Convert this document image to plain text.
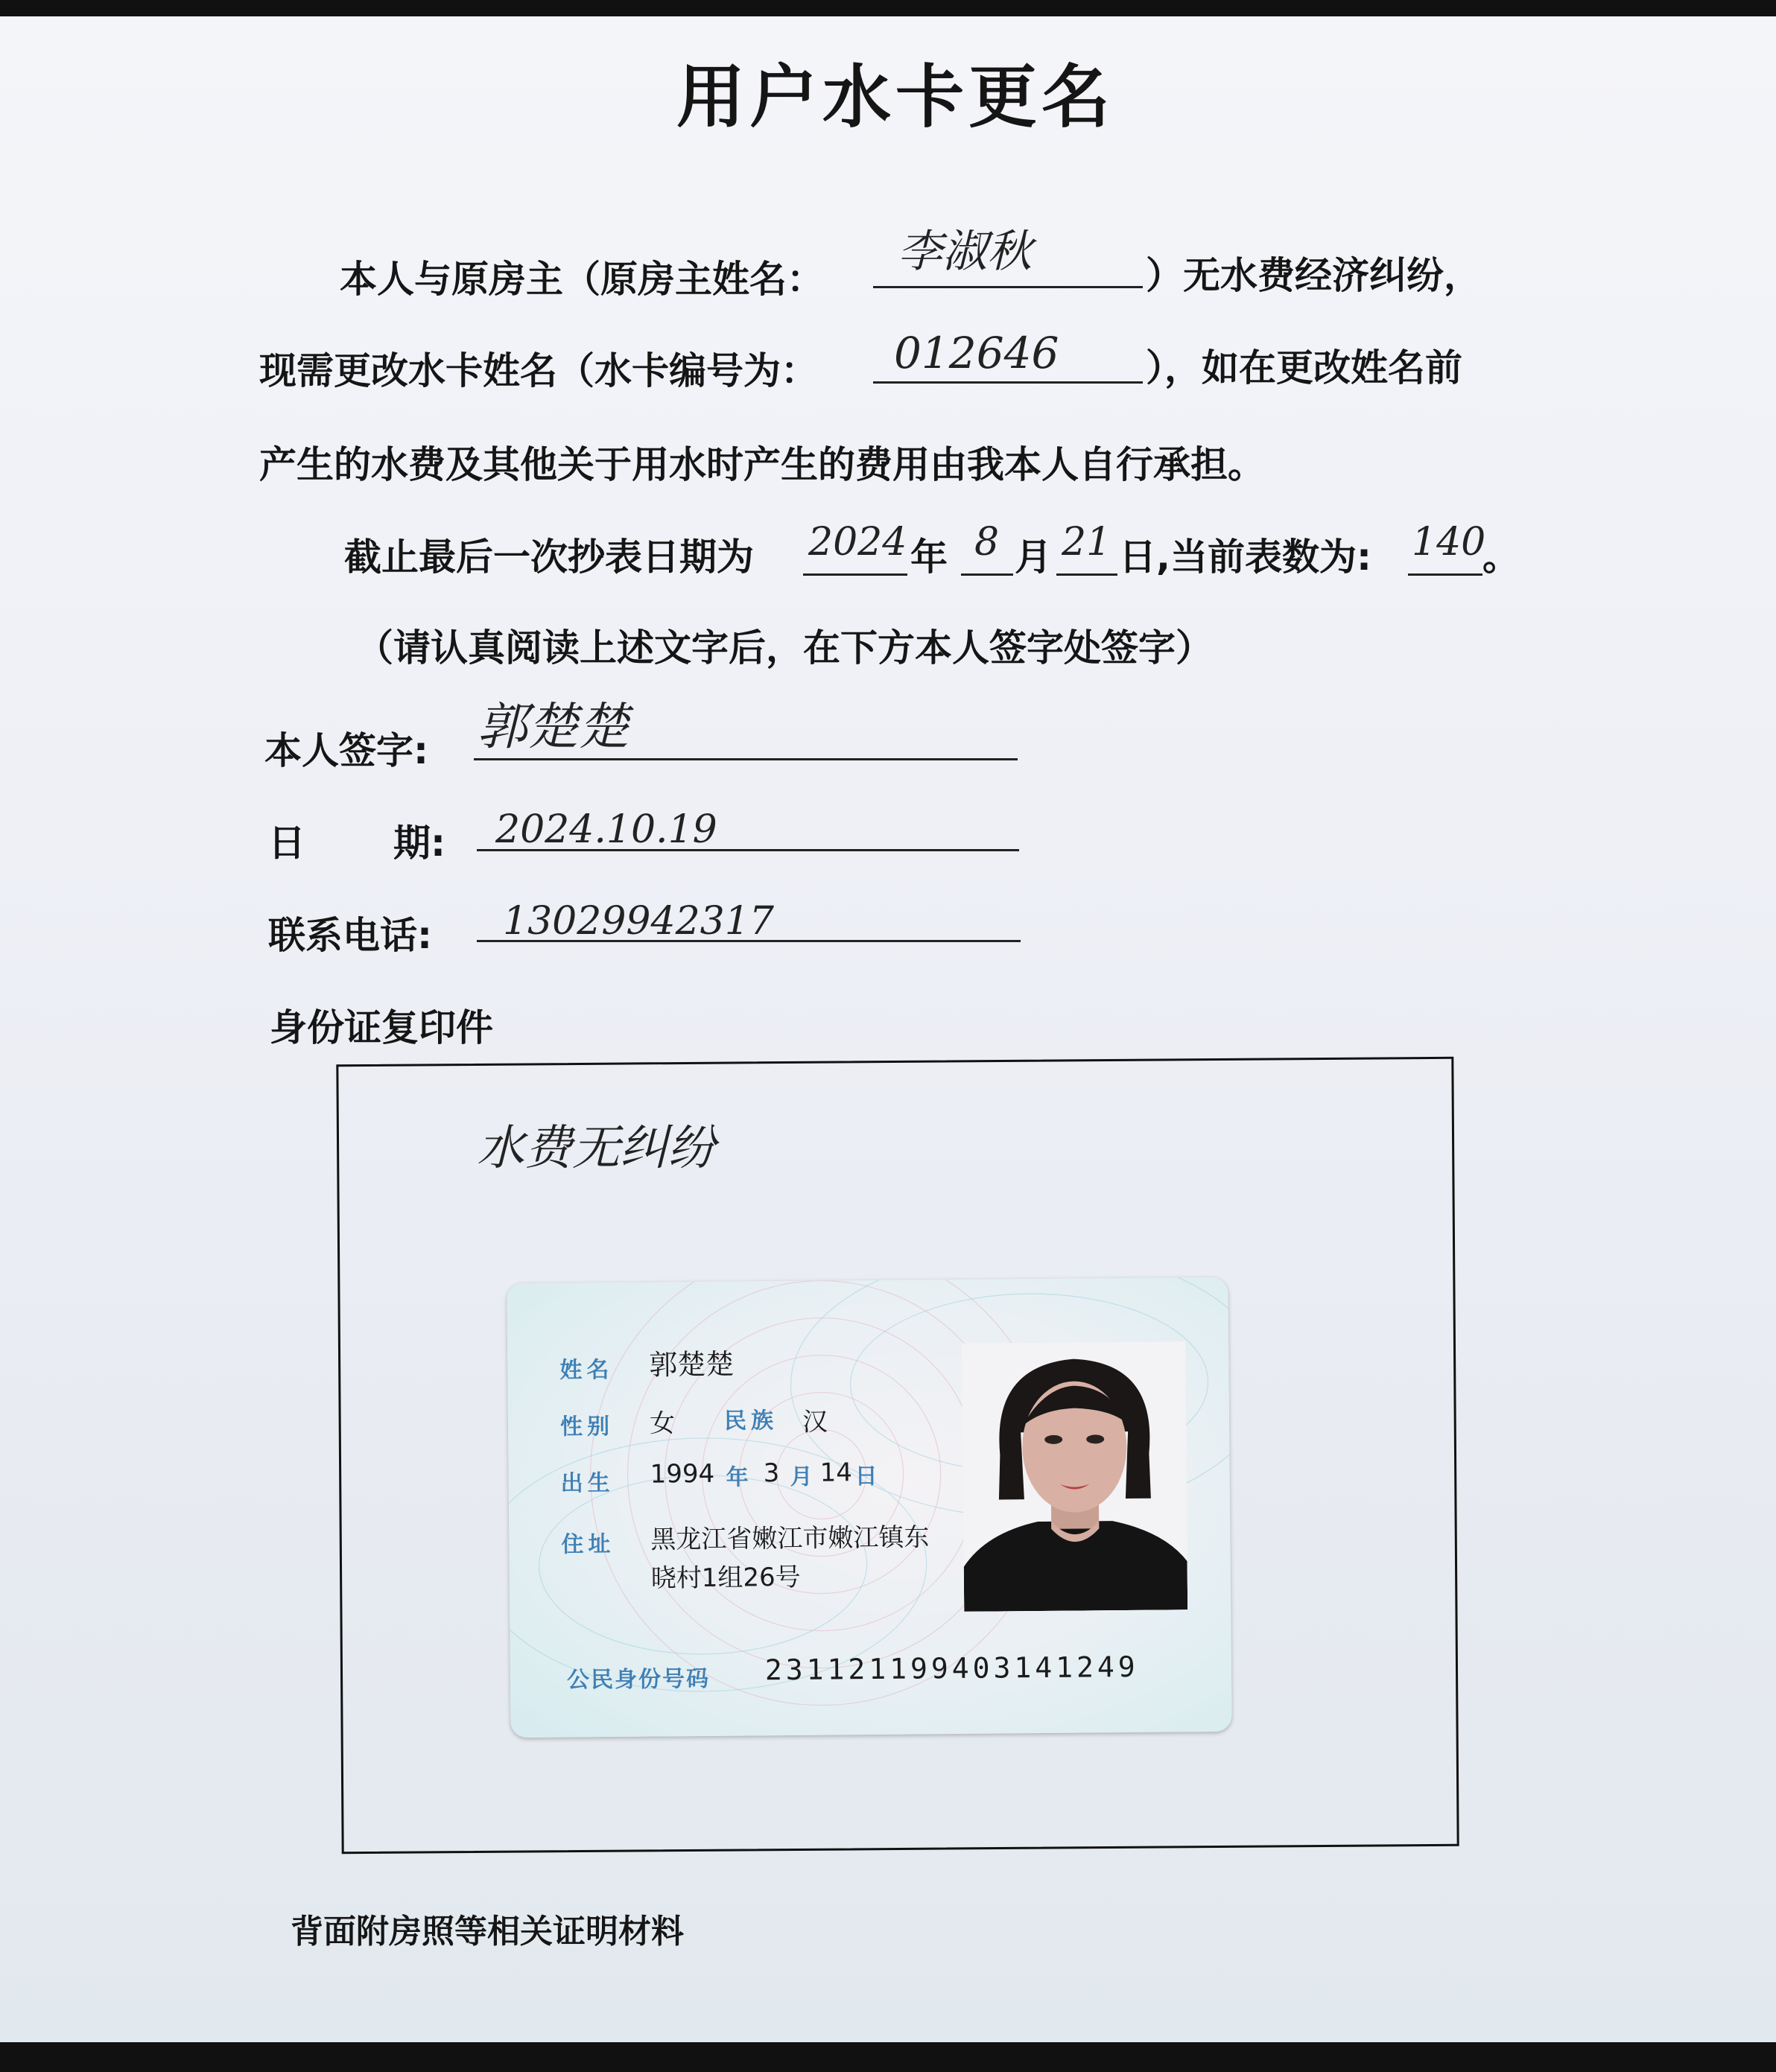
用户水卡更名
本人与原房主（原房主姓名：
李淑秋	）无水费经济纠纷，
现需更改水卡姓名（水卡编号为： 012646 ），如在更改姓名前
产生的水费及其他关于用水时产生的费用由我本人自行承担。
截止最后一次抄表日期为 2024 年 8 月 21 日,当前表数为: 140
。
（请认真阅读上述文字后，在下方本人签字处签字）
本人签字: 郭楚楚
日 期: 2024.10.19
联系电话: 13029942317
身份证复印件
水费无纠纷
姓名 郭楚楚
性别 女 民族 汉
出生 1994 年 3 月 14 日
住址 黑龙江省嫩江市嫩江镇东
晓村1组26号
公民身份号码 231121199403141249
背面附房照等相关证明材料
